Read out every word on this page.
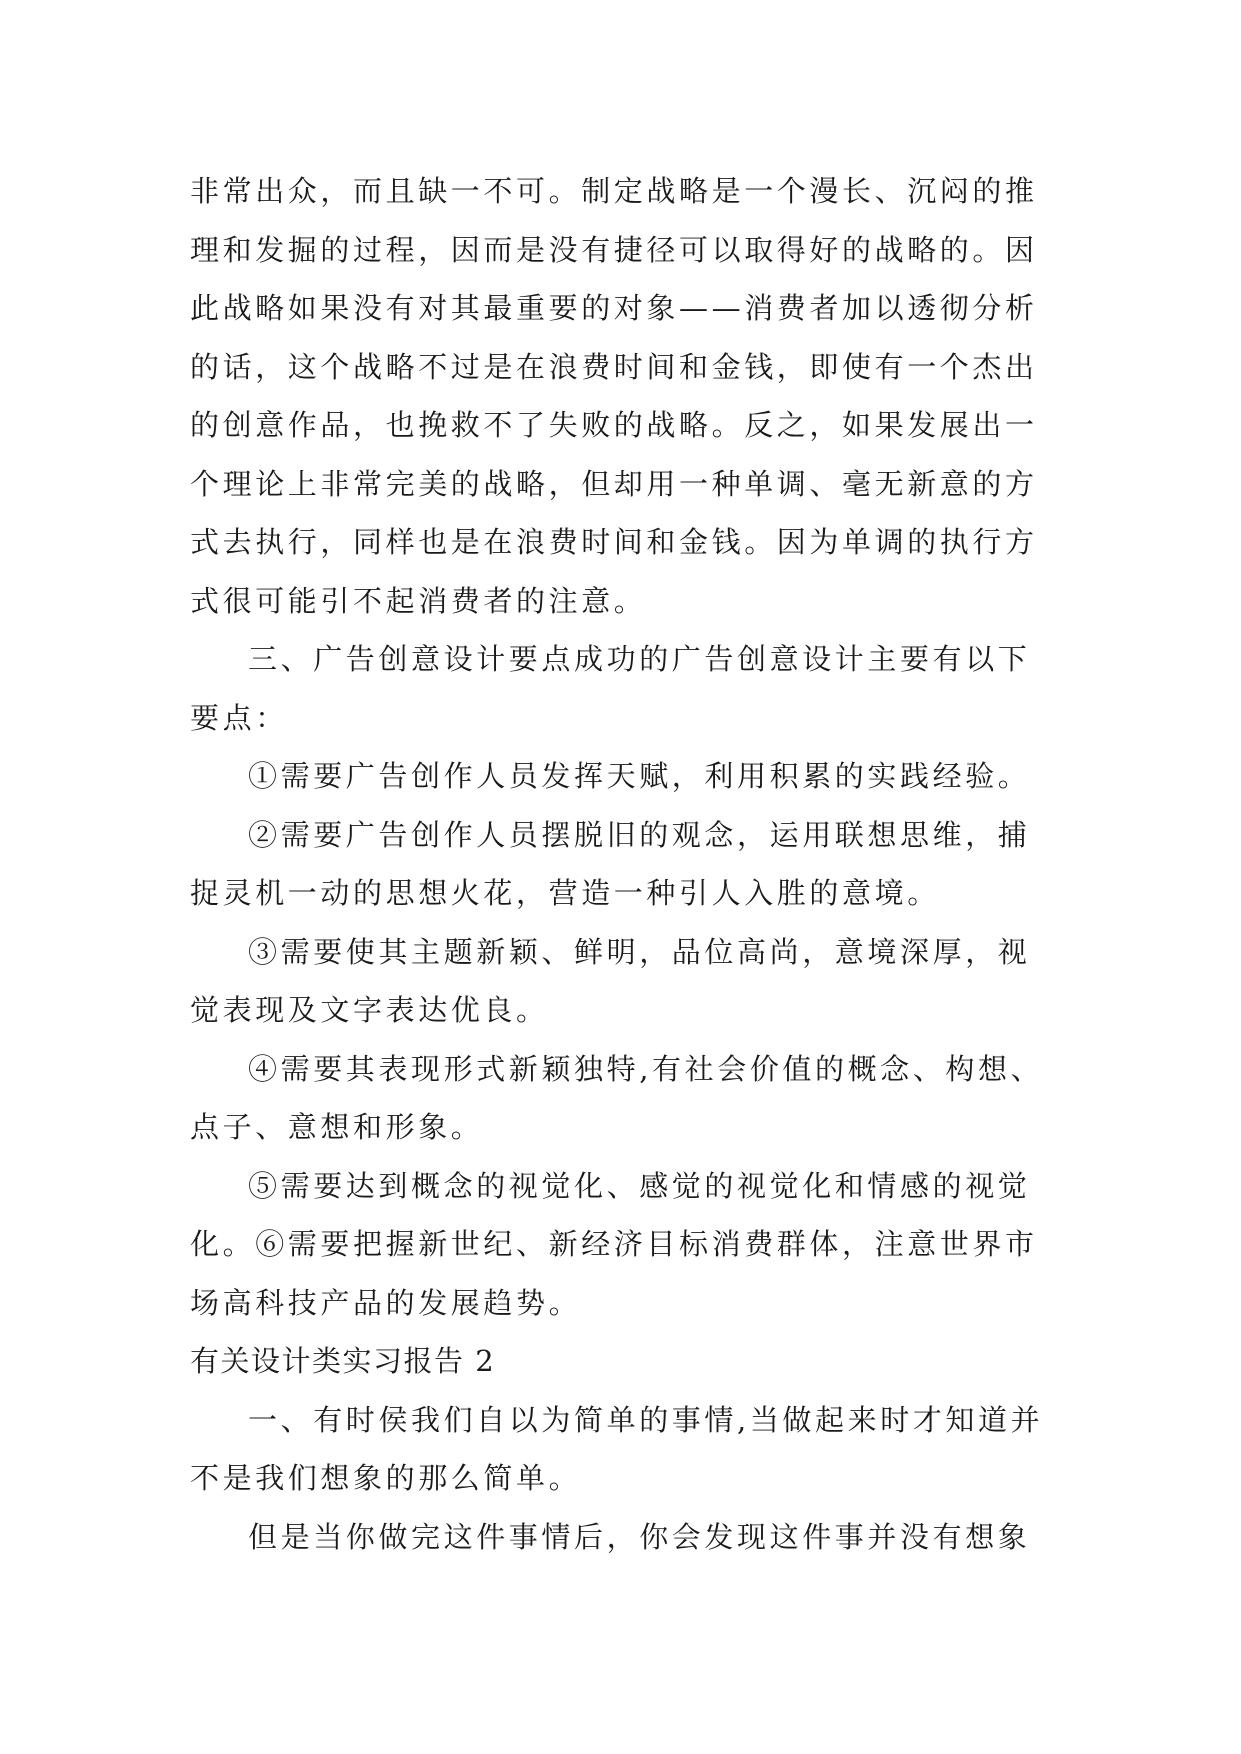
非常出众，而且缺一不可。制定战略是一个漫长、沉闷的推理和发掘的过程，因而是没有捷径可以取得好的战略的。因此战略如果没有对其最重要的对象——消费者加以透彻分析的话，这个战略不过是在浪费时间和金钱，即使有一个杰出的创意作品，也挽救不了失败的战略。反之，如果发展出一个理论上非常完美的战略，但却用一种单调、毫无新意的方式去执行，同样也是在浪费时间和金钱。因为单调的执行方式很可能引不起消费者的注意。

三、广告创意设计要点成功的广告创意设计主要有以下要点：

①需要广告创作人员发挥天赋，利用积累的实践经验。

②需要广告创作人员摆脱旧的观念，运用联想思维，捕捉灵机一动的思想火花，营造一种引人入胜的意境。

③需要使其主题新颖、鲜明，品位高尚，意境深厚，视觉表现及文字表达优良。

④需要其表现形式新颖独特,有社会价值的概念、构想、点子、意想和形象。

⑤需要达到概念的视觉化、感觉的视觉化和情感的视觉化。⑥需要把握新世纪、新经济目标消费群体，注意世界市场高科技产品的发展趋势。

有关设计类实习报告 2

一、有时侯我们自以为简单的事情,当做起来时才知道并不是我们想象的那么简单。

但是当你做完这件事情后，你会发现这件事并没有想象
